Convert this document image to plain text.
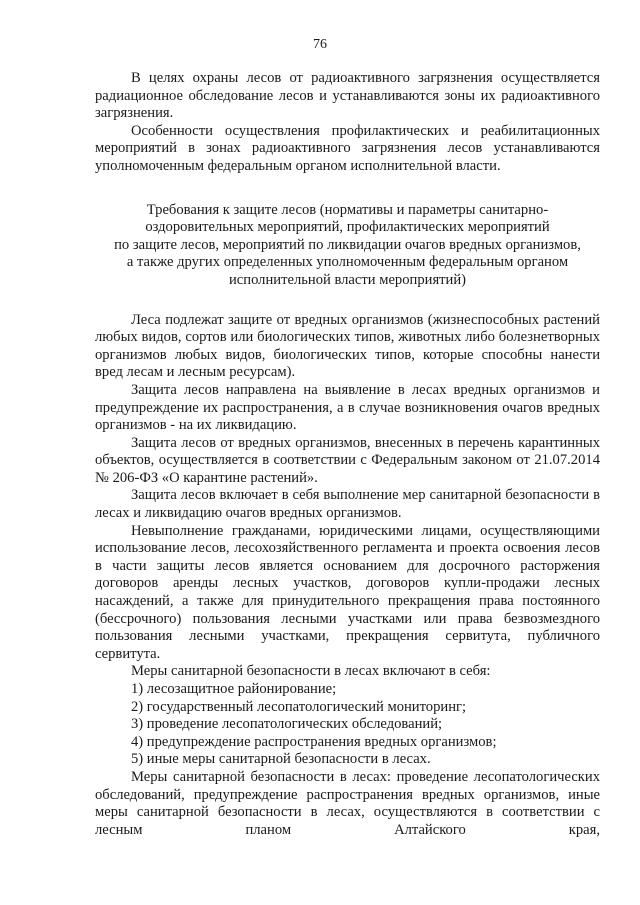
76

В целях охраны лесов от радиоактивного загрязнения осуществляется радиационное обследование лесов и устанавливаются зоны их радиоактивного загрязнения.

Особенности осуществления профилактических и реабилитационных мероприятий в зонах радиоактивного загрязнения лесов устанавливаются уполномоченным федеральным органом исполнительной власти.

Требования к защите лесов (нормативы и параметры санитарно-
оздоровительных мероприятий, профилактических мероприятий
по защите лесов, мероприятий по ликвидации очагов вредных организмов,
а также других определенных уполномоченным федеральным органом
исполнительной власти мероприятий)

Леса подлежат защите от вредных организмов (жизнеспособных растений любых видов, сортов или биологических типов, животных либо болезнетворных организмов любых видов, биологических типов, которые способны нанести вред лесам и лесным ресурсам).

Защита лесов направлена на выявление в лесах вредных организмов и предупреждение их распространения, а в случае возникновения очагов вредных организмов - на их ликвидацию.

Защита лесов от вредных организмов, внесенных в перечень карантинных объектов, осуществляется в соответствии с Федеральным законом от 21.07.2014 № 206-ФЗ «О карантине растений».

Защита лесов включает в себя выполнение мер санитарной безопасности в лесах и ликвидацию очагов вредных организмов.

Невыполнение гражданами, юридическими лицами, осуществляющими использование лесов, лесохозяйственного регламента и проекта освоения лесов в части защиты лесов является основанием для досрочного расторжения договоров аренды лесных участков, договоров купли-продажи лесных насаждений, а также для принудительного прекращения права постоянного (бессрочного) пользования лесными участками или права безвозмездного пользования лесными участками, прекращения сервитута, публичного сервитута.

Меры санитарной безопасности в лесах включают в себя:

1) лесозащитное районирование;

2) государственный лесопатологический мониторинг;

3) проведение лесопатологических обследований;

4) предупреждение распространения вредных организмов;

5) иные меры санитарной безопасности в лесах.

Меры санитарной безопасности в лесах: проведение лесопатологических обследований, предупреждение распространения вредных организмов, иные меры санитарной безопасности в лесах, осуществляются в соответствии с лесным планом Алтайского края,
